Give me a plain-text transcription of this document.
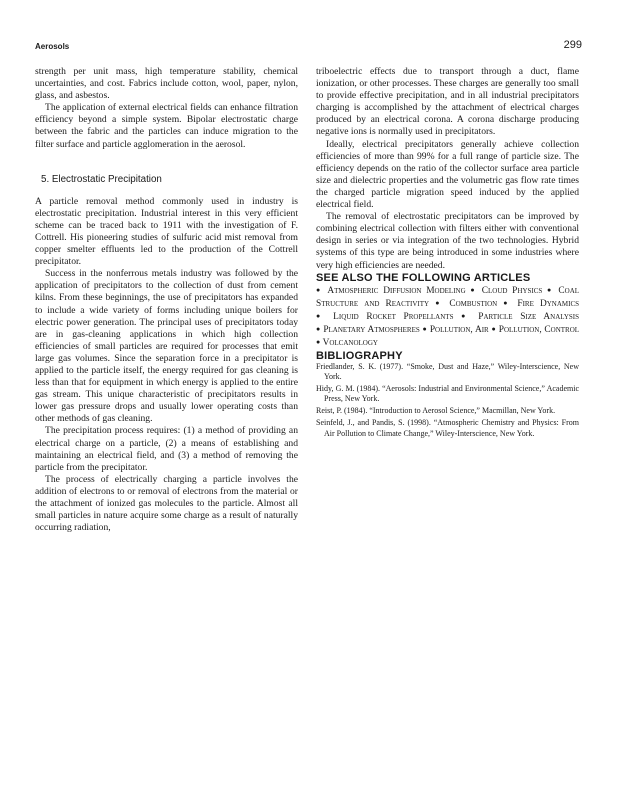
Aerosols	299

strength per unit mass, high temperature stability, chemical uncertainties, and cost. Fabrics include cotton, wool, paper, nylon, glass, and asbestos.

The application of external electrical fields can enhance filtration efficiency beyond a simple system. Bipolar electrostatic charge between the fabric and the particles can induce migration to the filter surface and particle agglomeration in the aerosol.

5. Electrostatic Precipitation

A particle removal method commonly used in industry is electrostatic precipitation. Industrial interest in this very efficient scheme can be traced back to 1911 with the investigation of F. Cottrell. His pioneering studies of sulfuric acid mist removal from copper smelter effluents led to the production of the Cottrell precipitator.

Success in the nonferrous metals industry was followed by the application of precipitators to the collection of dust from cement kilns. From these beginnings, the use of precipitators has expanded to include a wide variety of forms including unique boilers for electric power generation. The principal uses of precipitators today are in gas-cleaning applications in which high collection efficiencies of small particles are required for processes that emit large gas volumes. Since the separation force in a precipitator is applied to the particle itself, the energy required for gas cleaning is less than that for equipment in which energy is applied to the entire gas stream. This unique characteristic of precipitators results in lower gas pressure drops and usually lower operating costs than other methods of gas cleaning.

The precipitation process requires: (1) a method of providing an electrical charge on a particle, (2) a means of establishing and maintaining an electrical field, and (3) a method of removing the particle from the precipitator.

The process of electrically charging a particle involves the addition of electrons to or removal of electrons from the material or the attachment of ionized gas molecules to the particle. Almost all small particles in nature acquire some charge as a result of naturally occurring radiation,

triboelectric effects due to transport through a duct, flame ionization, or other processes. These charges are generally too small to provide effective precipitation, and in all industrial precipitators charging is accomplished by the attachment of electrical charges produced by an electrical corona. A corona discharge producing negative ions is normally used in precipitators.

Ideally, electrical precipitators generally achieve collection efficiencies of more than 99% for a full range of particle size. The efficiency depends on the ratio of the collector surface area particle size and dielectric properties and the volumetric gas flow rate times the charged particle migration speed induced by the applied electrical field.

The removal of electrostatic precipitators can be improved by combining electrical collection with filters either with conventional design in series or via integration of the two technologies. Hybrid systems of this type are being introduced in some industries where very high efficiencies are needed.

SEE ALSO THE FOLLOWING ARTICLES
● Atmospheric Diffusion Modeling ● Cloud Physics ● Coal Structure and Reactivity ● Combustion ● Fire Dynamics ● Liquid Rocket Propellants ● Particle Size Analysis ● Planetary Atmospheres ● Pollution, Air ● Pollution, Control ● Volcanology
BIBLIOGRAPHY
Friedlander, S. K. (1977). “Smoke, Dust and Haze,” Wiley-Interscience, New York.
Hidy, G. M. (1984). “Aerosols: Industrial and Environmental Science,” Academic Press, New York.
Reist, P. (1984). “Introduction to Aerosol Science,” Macmillan, New York.
Seinfeld, J., and Pandis, S. (1998). “Atmospheric Chemistry and Physics: From Air Pollution to Climate Change,” Wiley-Interscience, New York.
